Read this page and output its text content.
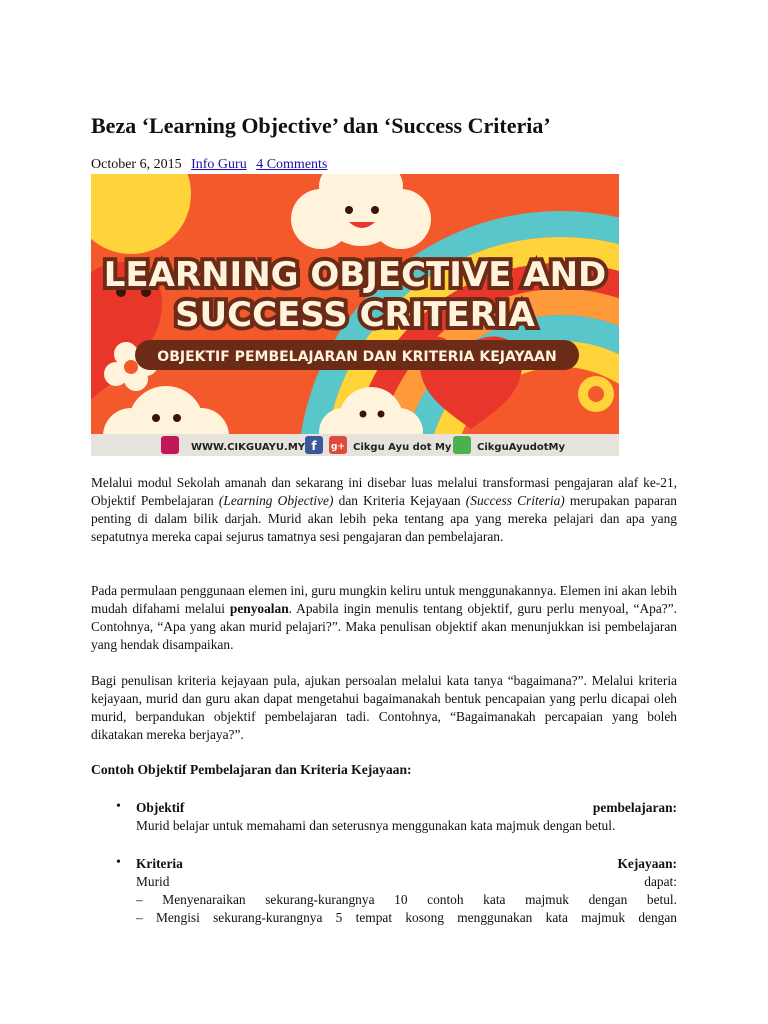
Beza ‘Learning Objective’ dan ‘Success Criteria’
October 6, 2015 Info Guru 4 Comments
LEARNING OBJECTIVE AND
SUCCESS CRITERIA
OBJEKTIF PEMBELAJARAN DAN KRITERIA KEJAYAAN
WWW.CIKGUAYU.MY f g+ Cikgu Ayu dot My	CikguAyudotMy

Melalui modul Sekolah amanah dan sekarang ini disebar luas melalui transformasi pengajaran alaf ke-21, Objektif Pembelajaran (Learning Objective) dan Kriteria Kejayaan (Success Criteria) merupakan paparan penting di dalam bilik darjah. Murid akan lebih peka tentang apa yang mereka pelajari dan apa yang sepatutnya mereka capai sejurus tamatnya sesi pengajaran dan pembelajaran.

Pada permulaan penggunaan elemen ini, guru mungkin keliru untuk menggunakannya. Elemen ini akan lebih mudah difahami melalui penyoalan. Apabila ingin menulis tentang objektif, guru perlu menyoal, “Apa?”. Contohnya, “Apa yang akan murid pelajari?”. Maka penulisan objektif akan menunjukkan isi pembelajaran yang hendak disampaikan.

Bagi penulisan kriteria kejayaan pula, ajukan persoalan melalui kata tanya “bagaimana?”. Melalui kriteria kejayaan, murid dan guru akan dapat mengetahui bagaimanakah bentuk pencapaian yang perlu dicapai oleh murid, berpandukan objektif pembelajaran tadi. Contohnya, “Bagaimanakah percapaian yang boleh dikatakan mereka berjaya?”.

Contoh Objektif Pembelajaran dan Kriteria Kejayaan:
• Objektif pembelajaran:
Murid belajar untuk memahami dan seterusnya menggunakan kata majmuk dengan betul.
• Kriteria Kejayaan:
Murid dapat:
– Menyenaraikan sekurang-kurangnya 10 contoh kata majmuk dengan betul.
– Mengisi sekurang-kurangnya 5 tempat kosong menggunakan kata majmuk dengan
